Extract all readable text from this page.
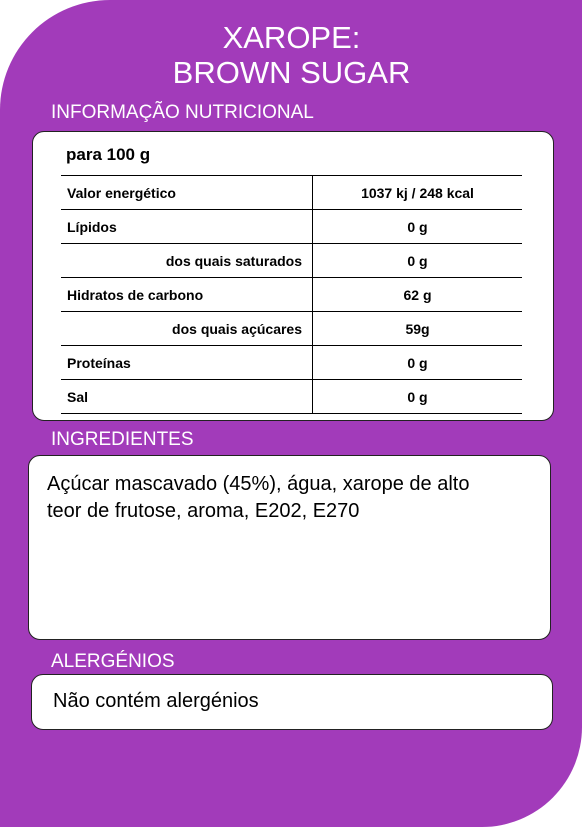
XAROPE:
BROWN SUGAR
INFORMAÇÃO NUTRICIONAL
para 100 g
Valor energético	1037 kj / 248 kcal
Lípidos	0 g
dos quais saturados	0 g
Hidratos de carbono	62 g
dos quais açúcares	59g
Proteínas	0 g
Sal	0 g
INGREDIENTES
Açúcar mascavado (45%), água, xarope de alto
teor de frutose, aroma, E202, E270
ALERGÉNIOS
Não contém alergénios
